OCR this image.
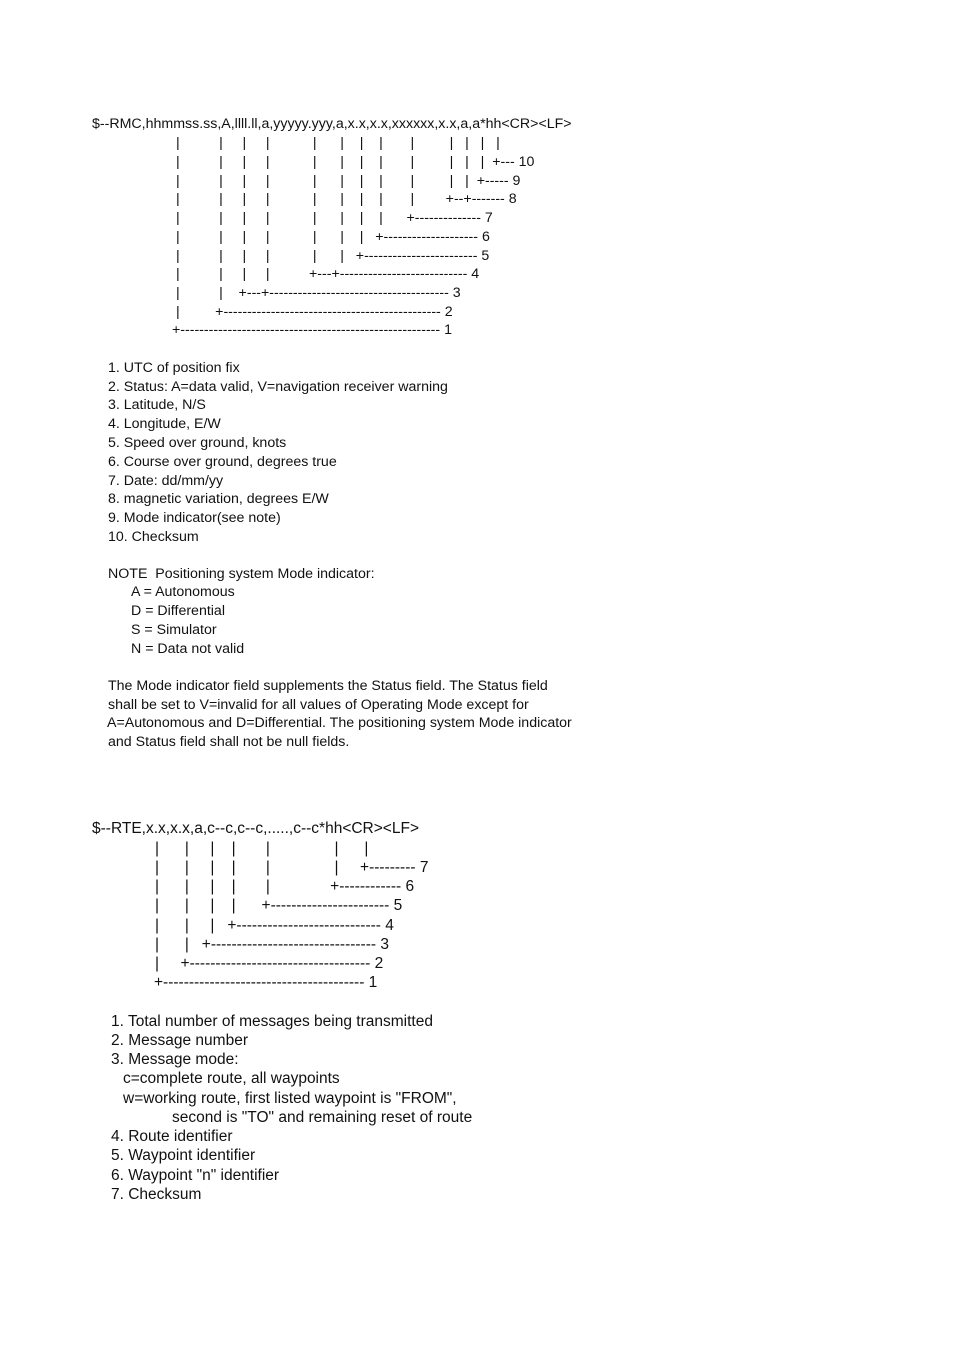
$--RMC,hhmmss.ss,A,llll.ll,a,yyyyy.yyy,a,x.x,x.x,xxxxxx,x.x,a,a*hh<CR><LF>

|          |     |     |           |      |    |    |       |         |   |   |   |

|          |     |     |           |      |    |    |       |         |   |   |  +--- 10

|          |     |     |           |      |    |    |       |         |   |  +----- 9

|          |     |     |           |      |    |    |       |        +--+------- 8

|          |     |     |           |      |    |    |      +-------------- 7

|          |     |     |           |      |    |   +-------------------- 6

|          |     |     |           |      |   +------------------------ 5

|          |     |     |          +---+--------------------------- 4

|          |    +---+-------------------------------------- 3

|         +---------------------------------------------- 2

+------------------------------------------------------- 1

1. UTC of position fix

2. Status: A=data valid, V=navigation receiver warning

3. Latitude, N/S

4. Longitude, E/W

5. Speed over ground, knots

6. Course over ground, degrees true

7. Date: dd/mm/yy

8. magnetic variation, degrees E/W

9. Mode indicator(see note)

10. Checksum

NOTE  Positioning system Mode indicator:

A = Autonomous

D = Differential

S = Simulator

N = Data not valid

The Mode indicator field supplements the Status field. The Status field

shall be set to V=invalid for all values of Operating Mode except for

A=Autonomous and D=Differential. The positioning system Mode indicator

and Status field shall not be null fields.

$--RTE,x.x,x.x,a,c--c,c--c,.....,c--c*hh<CR><LF>

|      |     |    |       |               |      |

|      |     |    |       |               |     +--------- 7

|      |     |    |       |              +------------ 6

|      |     |    |      +----------------------- 5

|      |     |   +---------------------------- 4

|      |   +-------------------------------- 3

|     +----------------------------------- 2

+--------------------------------------- 1

1. Total number of messages being transmitted

2. Message number

3. Message mode:

c=complete route, all waypoints

w=working route, first listed waypoint is "FROM",

second is "TO" and remaining reset of route

4. Route identifier

5. Waypoint identifier

6. Waypoint "n" identifier

7. Checksum
